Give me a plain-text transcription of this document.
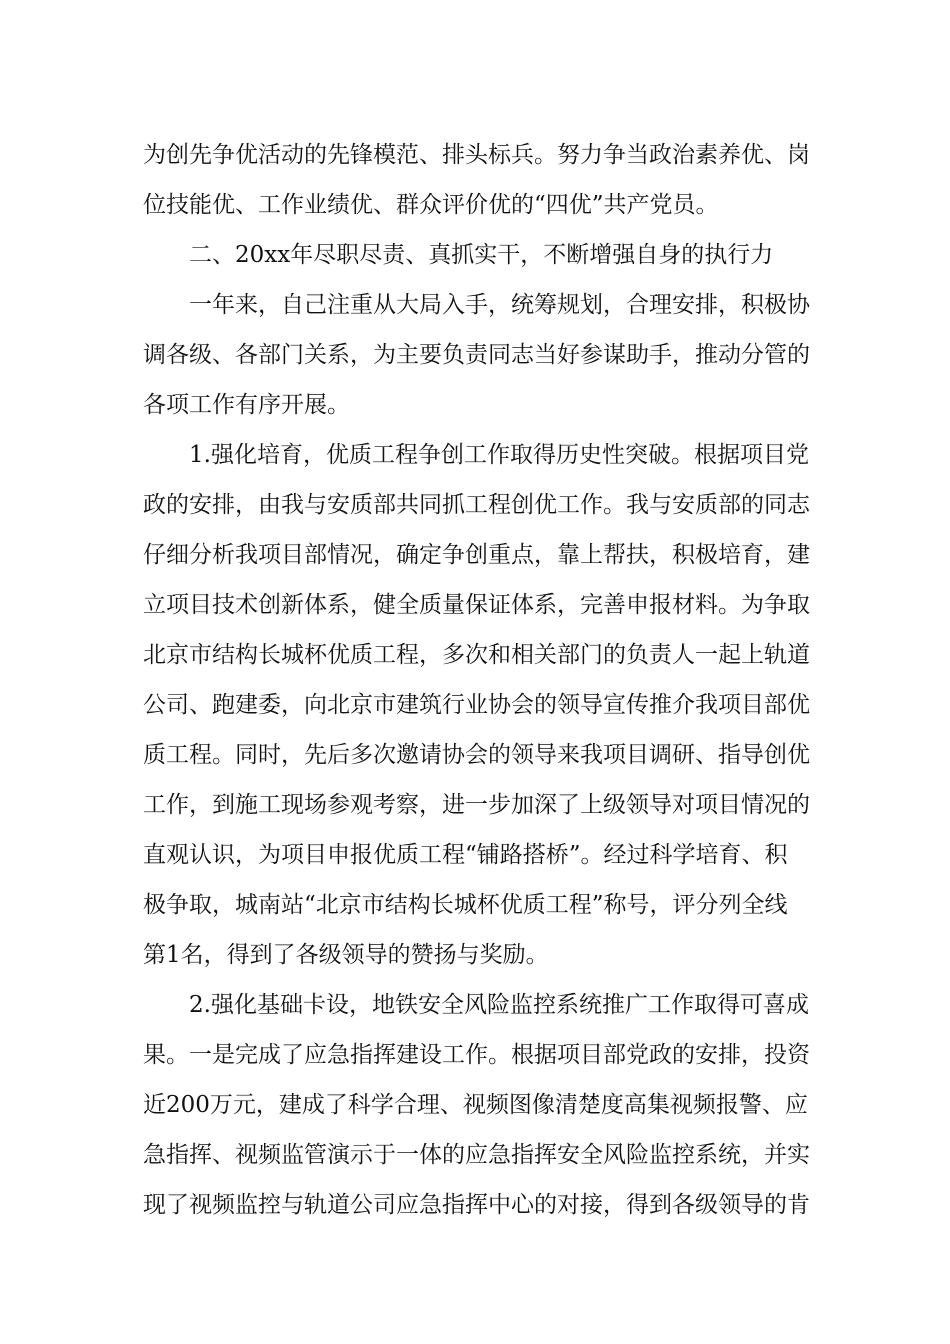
为创先争优活动的先锋模范、排头标兵。努力争当政治素养优、岗
位技能优、工作业绩优、群众评价优的“四优”共产党员。
二、20xx年尽职尽责、真抓实干，不断增强自身的执行力
一年来，自己注重从大局入手，统筹规划，合理安排，积极协
调各级、各部门关系，为主要负责同志当好参谋助手，推动分管的
各项工作有序开展。
1.强化培育，优质工程争创工作取得历史性突破。根据项目党
政的安排，由我与安质部共同抓工程创优工作。我与安质部的同志
仔细分析我项目部情况，确定争创重点，靠上帮扶，积极培育，建
立项目技术创新体系，健全质量保证体系，完善申报材料。为争取
北京市结构长城杯优质工程，多次和相关部门的负责人一起上轨道
公司、跑建委，向北京市建筑行业协会的领导宣传推介我项目部优
质工程。同时，先后多次邀请协会的领导来我项目调研、指导创优
工作，到施工现场参观考察，进一步加深了上级领导对项目情况的
直观认识，为项目申报优质工程“铺路搭桥”。经过科学培育、积
极争取，城南站“北京市结构长城杯优质工程”称号，评分列全线
第1名，得到了各级领导的赞扬与奖励。
2.强化基础卡设，地铁安全风险监控系统推广工作取得可喜成
果。一是完成了应急指挥建设工作。根据项目部党政的安排，投资
近200万元，建成了科学合理、视频图像清楚度高集视频报警、应
急指挥、视频监管演示于一体的应急指挥安全风险监控系统，并实
现了视频监控与轨道公司应急指挥中心的对接，得到各级领导的肯
